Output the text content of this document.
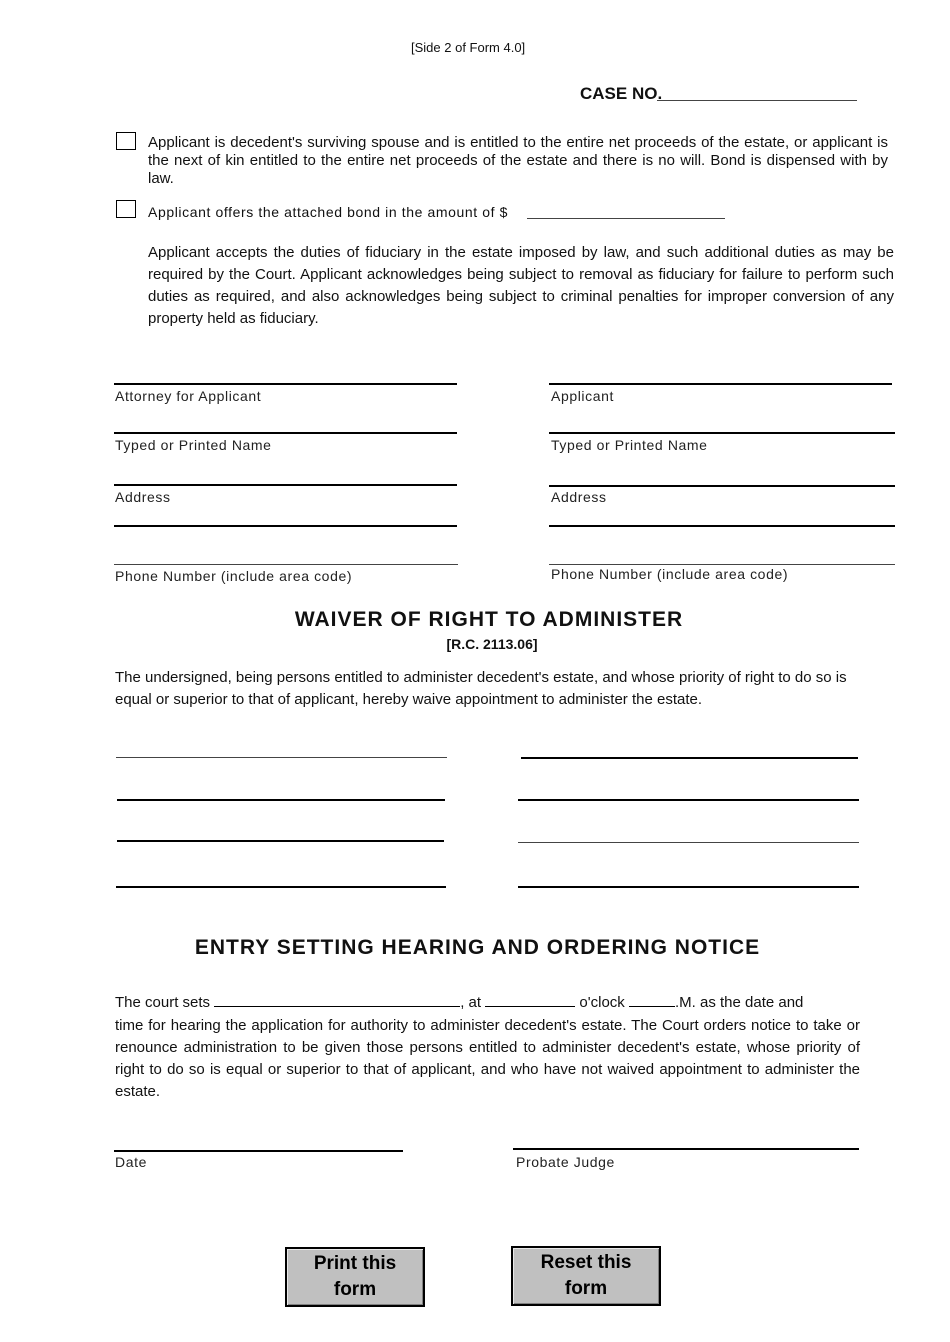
[Side 2 of Form 4.0]
CASE NO.
Applicant is decedent's surviving spouse and is entitled to the entire net proceeds of the estate, or applicant is the next of kin entitled to the entire net proceeds of the estate and there is no will. Bond is dispensed with by law.
Applicant offers the attached bond in the amount of $
Applicant accepts the duties of fiduciary in the estate imposed by law, and such additional duties as may be required by the Court. Applicant acknowledges being subject to removal as fiduciary for failure to perform such duties as required, and also acknowledges being subject to criminal penalties for improper conversion of any property held as fiduciary.
Attorney for Applicant
Typed or Printed Name
Address
Phone Number (include area code)
Applicant
Typed or Printed Name
Address
Phone Number (include area code)
WAIVER OF RIGHT TO ADMINISTER
[R.C. 2113.06]
The undersigned, being persons entitled to administer decedent's estate, and whose priority of right to do so is equal or superior to that of applicant, hereby waive appointment to administer the estate.
ENTRY SETTING HEARING AND ORDERING NOTICE
The court sets	, at	o'clock	.M. as the date and
time for hearing the application for authority to administer decedent's estate. The Court orders notice to take or renounce administration to be given those persons entitled to administer decedent's estate, whose priority of right to do so is equal or superior to that of applicant, and who have not waived appointment to administer the estate.
Date	Probate Judge
Print this form
Reset this form
